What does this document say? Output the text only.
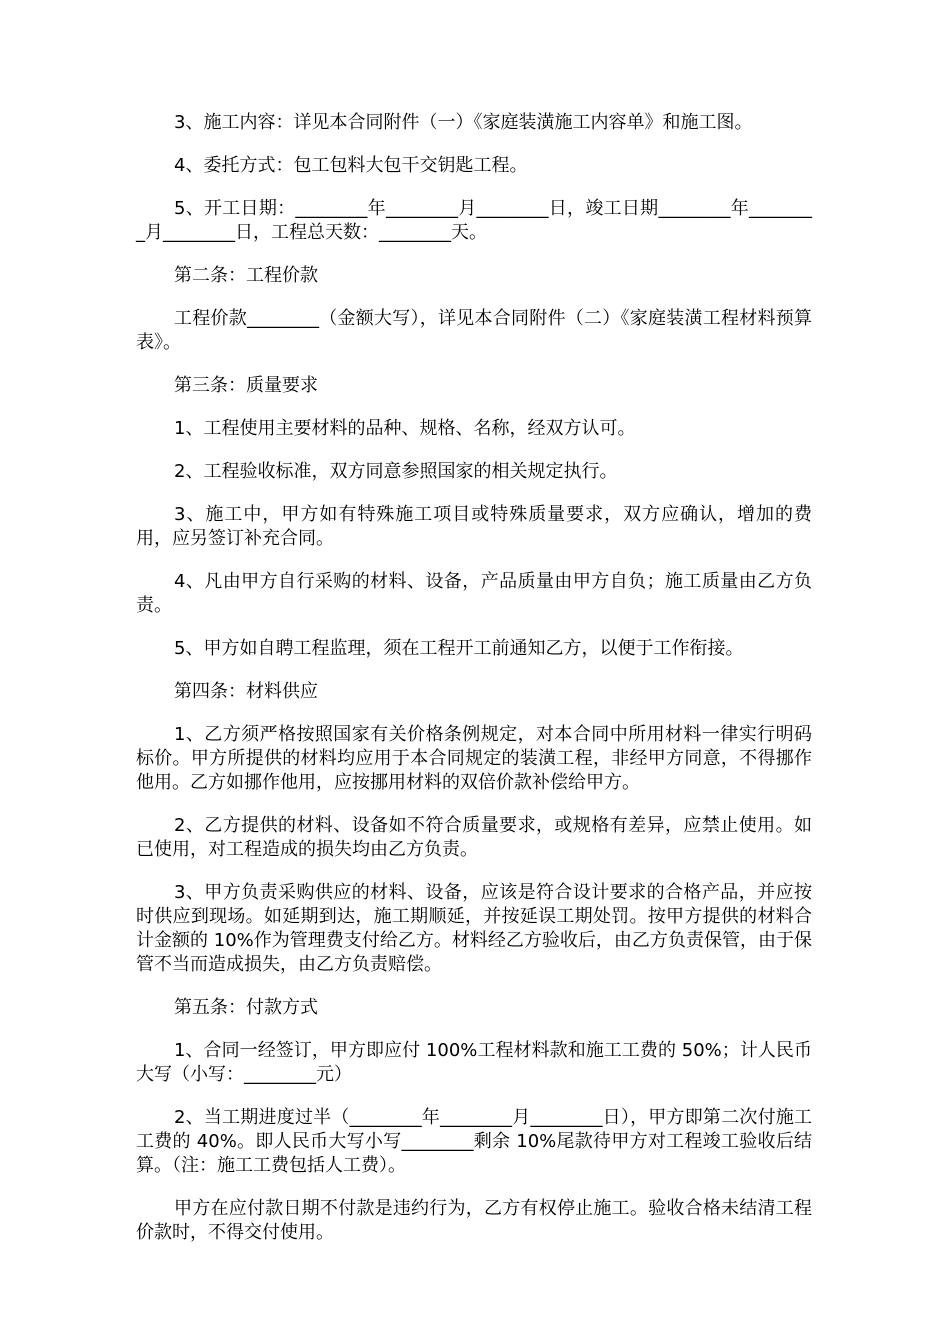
3、施工内容：详见本合同附件（一）《家庭装潢施工内容单》和施工图。

4、委托方式：包工包料大包干交钥匙工程。

5、开工日期：________年________月________日，竣工日期________年________月________日，工程总天数：________天。

第二条：工程价款

工程价款________（金额大写），详见本合同附件（二）《家庭装潢工程材料预算表》。

第三条：质量要求

1、工程使用主要材料的品种、规格、名称，经双方认可。

2、工程验收标准，双方同意参照国家的相关规定执行。

3、施工中，甲方如有特殊施工项目或特殊质量要求，双方应确认，增加的费用，应另签订补充合同。

4、凡由甲方自行采购的材料、设备，产品质量由甲方自负；施工质量由乙方负责。

5、甲方如自聘工程监理，须在工程开工前通知乙方，以便于工作衔接。

第四条：材料供应

1、乙方须严格按照国家有关价格条例规定，对本合同中所用材料一律实行明码标价。甲方所提供的材料均应用于本合同规定的装潢工程，非经甲方同意，不得挪作他用。乙方如挪作他用，应按挪用材料的双倍价款补偿给甲方。

2、乙方提供的材料、设备如不符合质量要求，或规格有差异，应禁止使用。如已使用，对工程造成的损失均由乙方负责。

3、甲方负责采购供应的材料、设备，应该是符合设计要求的合格产品，并应按时供应到现场。如延期到达，施工期顺延，并按延误工期处罚。按甲方提供的材料合计金额的 10%作为管理费支付给乙方。材料经乙方验收后，由乙方负责保管，由于保管不当而造成损失，由乙方负责赔偿。

第五条：付款方式

1、合同一经签订，甲方即应付 100%工程材料款和施工工费的 50%；计人民币大写（小写：________元）

2、当工期进度过半（________年________月________日），甲方即第二次付施工工费的 40%。即人民币大写小写________剩余 10%尾款待甲方对工程竣工验收后结算。（注：施工工费包括人工费）。

甲方在应付款日期不付款是违约行为，乙方有权停止施工。验收合格未结清工程价款时，不得交付使用。
